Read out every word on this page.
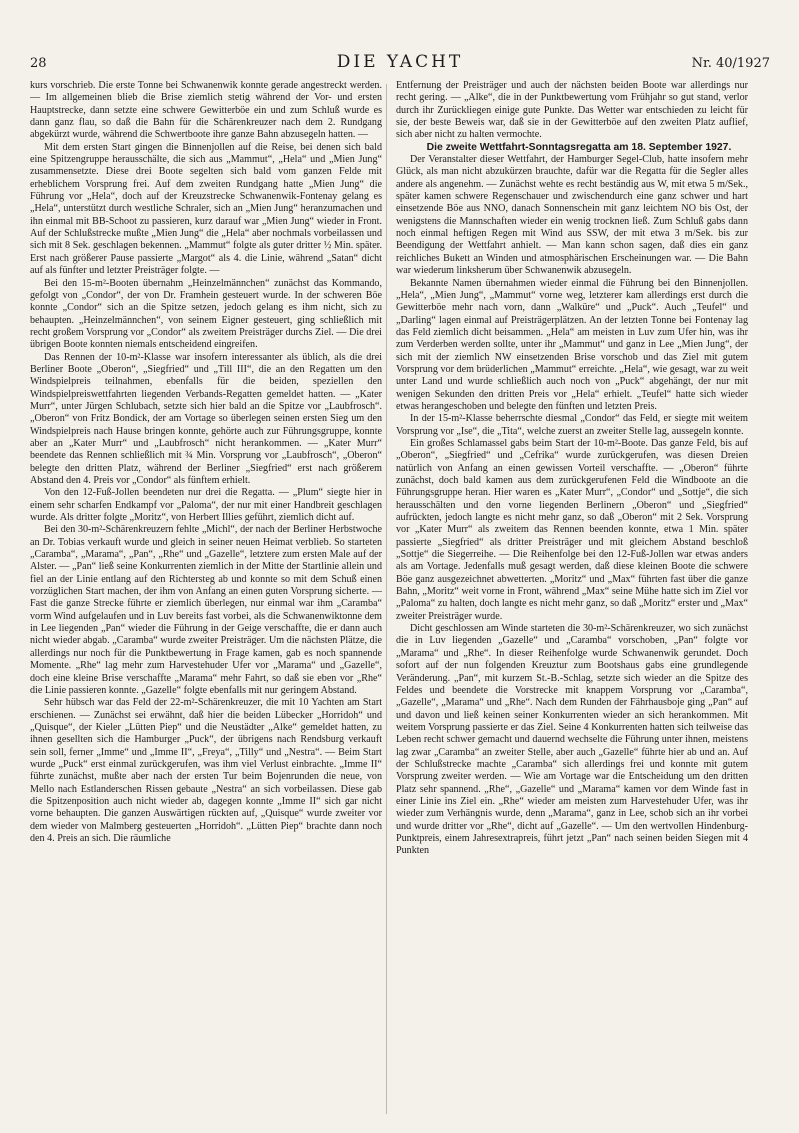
28	DIE YACHT	Nr. 40/1927

kurs vorschrieb. Die erste Tonne bei Schwanenwik konnte gerade angestreckt werden. — Im allgemeinen blieb die Brise ziemlich stetig während der Vor- und ersten Hauptstrecke, dann setzte eine schwere Gewitterböe ein und zum Schluß wurde es dann ganz flau, so daß die Bahn für die Schärenkreuzer nach dem 2. Rundgang abgekürzt wurde, während die Schwertboote ihre ganze Bahn abzusegeln hatten. —

Mit dem ersten Start gingen die Binnenjollen auf die Reise, bei denen sich bald eine Spitzengruppe herausschälte, die sich aus „Mammut“, „Hela“ und „Mien Jung“ zusammensetzte. Diese drei Boote segelten sich bald vom ganzen Felde mit erheblichem Vorsprung frei. Auf dem zweiten Rundgang hatte „Mien Jung“ die Führung vor „Hela“, doch auf der Kreuzstrecke Schwanenwik-Fontenay gelang es „Hela“, unterstützt durch westliche Schraler, sich an „Mien Jung“ heranzumachen und ihn einmal mit BB-Schoot zu passieren, kurz darauf war „Mien Jung“ wieder in Front. Auf der Schlußstrecke mußte „Mien Jung“ die „Hela“ aber nochmals vorbeilassen und sich mit 8 Sek. geschlagen bekennen. „Mammut“ folgte als guter dritter ½ Min. später. Erst nach größerer Pause passierte „Margot“ als 4. die Linie, während „Satan“ dicht auf als fünfter und letzter Preisträger folgte. —

Bei den 15-m²-Booten übernahm „Heinzelmännchen“ zunächst das Kommando, gefolgt von „Condor“, der von Dr. Framhein gesteuert wurde. In der schweren Böe konnte „Condor“ sich an die Spitze setzen, jedoch gelang es ihm nicht, sich zu behaupten. „Heinzelmännchen“, von seinem Eigner gesteuert, ging schließlich mit recht großem Vorsprung vor „Condor“ als zweitem Preisträger durchs Ziel. — Die drei übrigen Boote konnten niemals entscheidend eingreifen.

Das Rennen der 10-m²-Klasse war insofern interessanter als üblich, als die drei Berliner Boote „Oberon“, „Siegfried“ und „Till III“, die an den Regatten um den Windspielpreis teilnahmen, ebenfalls für die beiden, speziellen den Windspielpreiswettfahrten liegenden Verbands-Regatten gemeldet hatten. — „Kater Murr“, unter Jürgen Schlubach, setzte sich hier bald an die Spitze vor „Laubfrosch“. „Oberon“ von Fritz Bondick, der am Vortage so überlegen seinen ersten Sieg um den Windspielpreis nach Hause bringen konnte, gehörte auch zur Führungsgruppe, konnte aber an „Kater Murr“ und „Laubfrosch“ nicht herankommen. — „Kater Murr“ beendete das Rennen schließlich mit ¾ Min. Vorsprung vor „Laubfrosch“, „Oberon“ belegte den dritten Platz, während der Berliner „Siegfried“ erst nach größerem Abstand den 4. Preis vor „Condor“ als fünftem erhielt.

Von den 12-Fuß-Jollen beendeten nur drei die Regatta. — „Plum“ siegte hier in einem sehr scharfen Endkampf vor „Paloma“, der nur mit einer Handbreit geschlagen wurde. Als dritter folgte „Moritz“, von Herbert Illies geführt, ziemlich dicht auf.

Bei den 30-m²-Schärenkreuzern fehlte „Michl“, der nach der Berliner Herbstwoche an Dr. Tobias verkauft wurde und gleich in seiner neuen Heimat verblieb. So starteten „Caramba“, „Marama“, „Pan“, „Rhe“ und „Gazelle“, letztere zum ersten Male auf der Alster. — „Pan“ ließ seine Konkurrenten ziemlich in der Mitte der Startlinie allein und fiel an der Linie entlang auf den Richtersteg ab und konnte so mit dem Schuß einen vorzüglichen Start machen, der ihm von Anfang an einen guten Vorsprung sicherte. — Fast die ganze Strecke führte er ziemlich überlegen, nur einmal war ihm „Caramba“ vorm Wind aufgelaufen und in Luv bereits fast vorbei, als die Schwanenwiktonne dem in Lee liegenden „Pan“ wieder die Führung in der Geige verschaffte, die er dann auch nicht wieder abgab. „Caramba“ wurde zweiter Preisträger. Um die nächsten Plätze, die allerdings nur noch für die Punktbewertung in Frage kamen, gab es noch spannende Momente. „Rhe“ lag mehr zum Harvestehuder Ufer vor „Marama“ und „Gazelle“, doch eine kleine Brise verschaffte „Marama“ mehr Fahrt, so daß sie eben vor „Rhe“ die Linie passieren konnte. „Gazelle“ folgte ebenfalls mit nur geringem Abstand.

Sehr hübsch war das Feld der 22-m²-Schärenkreuzer, die mit 10 Yachten am Start erschienen. — Zunächst sei erwähnt, daß hier die beiden Lübecker „Horridoh“ und „Quisque“, der Kieler „Lütten Piep“ und die Neustädter „Alke“ gemeldet hatten, zu ihnen gesellten sich die Hamburger „Puck“, der übrigens nach Rendsburg verkauft sein soll, ferner „Imme“ und „Imme II“, „Freya“, „Tilly“ und „Nestra“. — Beim Start wurde „Puck“ erst einmal zurückgerufen, was ihm viel Verlust einbrachte. „Imme II“ führte zunächst, mußte aber nach der ersten Tur beim Bojenrunden die neue, von Mello nach Estlanderschen Rissen gebaute „Nestra“ an sich vorbeilassen. Diese gab die Spitzenposition auch nicht wieder ab, dagegen konnte „Imme II“ sich gar nicht vorne behaupten. Die ganzen Auswärtigen rückten auf, „Quisque“ wurde zweiter vor dem wieder von Malmberg gesteuerten „Horridoh“. „Lütten Piep“ brachte dann noch den 4. Preis an sich. Die räumliche

Entfernung der Preisträger und auch der nächsten beiden Boote war allerdings nur recht gering. — „Alke“, die in der Punktbewertung vom Frühjahr so gut stand, verlor durch ihr Zurückliegen einige gute Punkte. Das Wetter war entschieden zu leicht für sie, der beste Beweis war, daß sie in der Gewitterböe auf den zweiten Platz auflief, sich aber nicht zu halten vermochte.

Die zweite Wettfahrt-Sonntagsregatta am 18. September 1927.

Der Veranstalter dieser Wettfahrt, der Hamburger Segel-Club, hatte insofern mehr Glück, als man nicht abzukürzen brauchte, dafür war die Regatta für die Segler alles andere als angenehm. — Zunächst wehte es recht beständig aus W, mit etwa 5 m/Sek., später kamen schwere Regenschauer und zwischendurch eine ganz schwer und hart einsetzende Böe aus NNO, danach Sonnenschein mit ganz leichtem NO bis Ost, der wenigstens die Mannschaften wieder ein wenig trocknen ließ. Zum Schluß gabs dann noch einmal heftigen Regen mit Wind aus SSW, der mit etwa 3 m/Sek. bis zur Beendigung der Wettfahrt anhielt. — Man kann schon sagen, daß dies ein ganz reichliches Bukett an Winden und atmosphärischen Erscheinungen war. — Die Bahn war wiederum linksherum über Schwanenwik abzusegeln.

Bekannte Namen übernahmen wieder einmal die Führung bei den Binnenjollen. „Hela“, „Mien Jung“, „Mammut“ vorne weg, letzterer kam allerdings erst durch die Gewitterböe mehr nach vorn, dann „Walküre“ und „Puck“. Auch „Teufel“ und „Darling“ lagen einmal auf Preisträgerplätzen. An der letzten Tonne bei Fontenay lag das Feld ziemlich dicht beisammen. „Hela“ am meisten in Luv zum Ufer hin, was ihr zum Verderben werden sollte, unter ihr „Mammut“ und ganz in Lee „Mien Jung“, der sich mit der ziemlich NW einsetzenden Brise vorschob und das Ziel mit gutem Vorsprung vor dem brüderlichen „Mammut“ erreichte. „Hela“, wie gesagt, war zu weit unter Land und wurde schließlich auch noch von „Puck“ abgehängt, der nur mit wenigen Sekunden den dritten Preis vor „Hela“ erhielt. „Teufel“ hatte sich wieder etwas herangeschoben und belegte den fünften und letzten Preis.

In der 15-m²-Klasse beherrschte diesmal „Condor“ das Feld, er siegte mit weitem Vorsprung vor „Ise“, die „Tita“, welche zuerst an zweiter Stelle lag, aussegeln konnte.

Ein großes Schlamassel gabs beim Start der 10-m²-Boote. Das ganze Feld, bis auf „Oberon“, „Siegfried“ und „Cefrika“ wurde zurückgerufen, was diesen Dreien natürlich von Anfang an einen gewissen Vorteil verschaffte. — „Oberon“ führte zunächst, doch bald kamen aus dem zurückgerufenen Feld die Windboote an die Führungsgruppe heran. Hier waren es „Kater Murr“, „Condor“ und „Sottje“, die sich herausschälten und den vorne liegenden Berlinern „Oberon“ und „Siegfried“ aufrückten, jedoch langte es nicht mehr ganz, so daß „Oberon“ mit 2 Sek. Vorsprung vor „Kater Murr“ als zweitem das Rennen beenden konnte, etwa 1 Min. später passierte „Siegfried“ als dritter Preisträger und mit gleichem Abstand beschloß „Sottje“ die Siegerreihe. — Die Reihenfolge bei den 12-Fuß-Jollen war etwas anders als am Vortage. Jedenfalls muß gesagt werden, daß diese kleinen Boote die schwere Böe ganz ausgezeichnet abwetterten. „Moritz“ und „Max“ führten fast über die ganze Bahn, „Moritz“ weit vorne in Front, während „Max“ seine Mühe hatte sich im Ziel vor „Paloma“ zu halten, doch langte es nicht mehr ganz, so daß „Moritz“ erster und „Max“ zweiter Preisträger wurde.

Dicht geschlossen am Winde starteten die 30-m²-Schärenkreuzer, wo sich zunächst die in Luv liegenden „Gazelle“ und „Caramba“ vorschoben, „Pan“ folgte vor „Marama“ und „Rhe“. In dieser Reihenfolge wurde Schwanenwik gerundet. Doch sofort auf der nun folgenden Kreuztur zum Bootshaus gabs eine grundlegende Veränderung. „Pan“, mit kurzem St.-B.-Schlag, setzte sich wieder an die Spitze des Feldes und beendete die Vorstrecke mit knappem Vorsprung vor „Caramba“, „Gazelle“, „Marama“ und „Rhe“. Nach dem Runden der Fährhausboje ging „Pan“ auf und davon und ließ keinen seiner Konkurrenten wieder an sich herankommen. Mit weitem Vorsprung passierte er das Ziel. Seine 4 Konkurrenten hatten sich teilweise das Leben recht schwer gemacht und dauernd wechselte die Führung unter ihnen, meistens lag zwar „Caramba“ an zweiter Stelle, aber auch „Gazelle“ führte hier ab und an. Auf der Schlußstrecke machte „Caramba“ sich allerdings frei und konnte mit gutem Vorsprung zweiter werden. — Wie am Vortage war die Entscheidung um den dritten Platz sehr spannend. „Rhe“, „Gazelle“ und „Marama“ kamen vor dem Winde fast in einer Linie ins Ziel ein. „Rhe“ wieder am meisten zum Harvestehuder Ufer, was ihr wieder zum Verhängnis wurde, denn „Marama“, ganz in Lee, schob sich an ihr vorbei und wurde dritter vor „Rhe“, dicht auf „Gazelle“. — Um den wertvollen Hindenburg-Punktpreis, einem Jahresextrapreis, führt jetzt „Pan“ nach seinen beiden Siegen mit 4 Punkten
